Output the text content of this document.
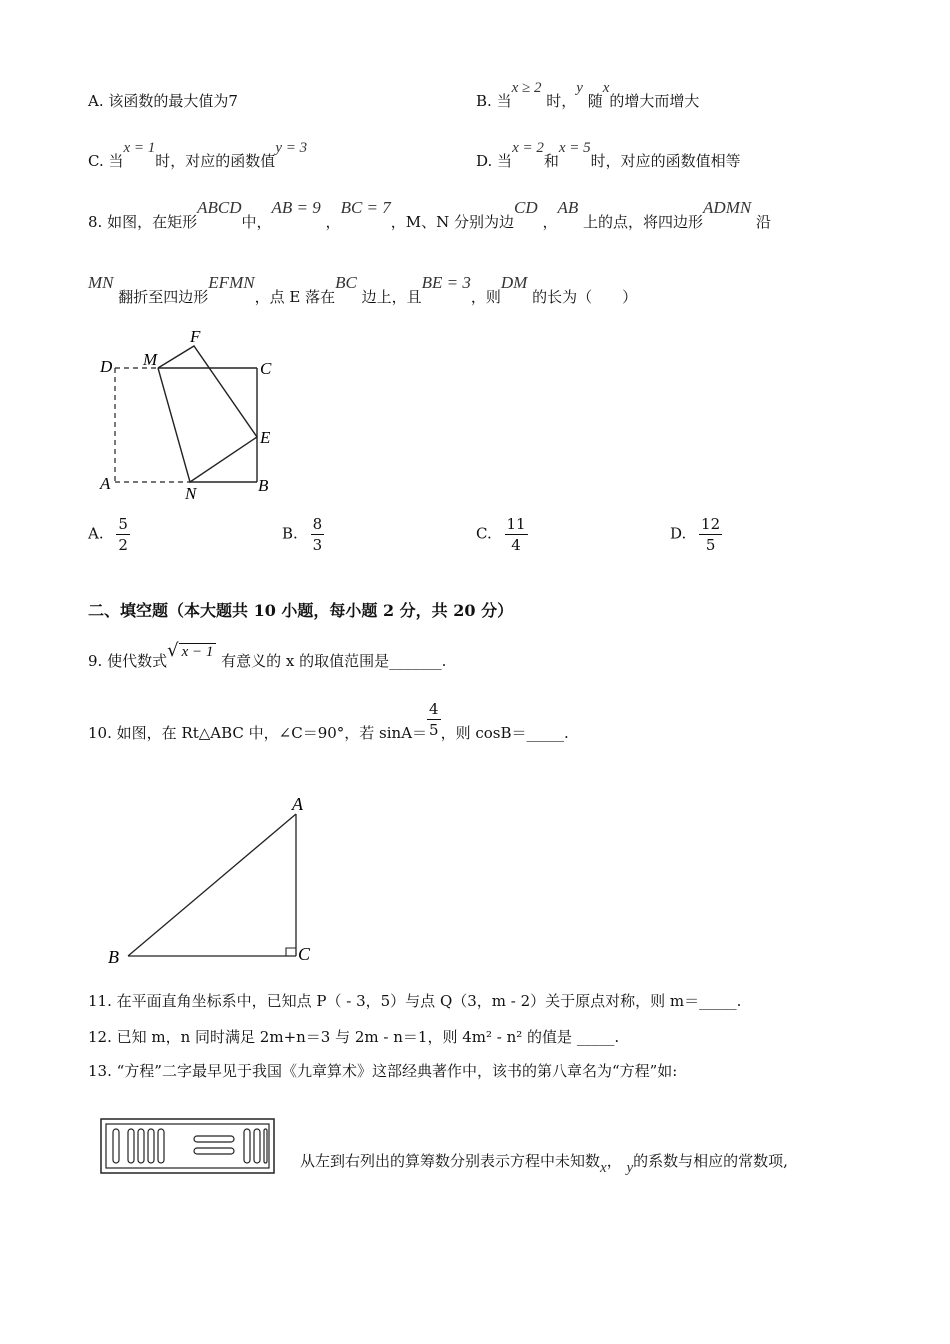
A. 该函数的最大值为7	B. 当x ≥ 2 时，y 随x的增大而增大
C. 当x = 1时，对应的函数值y = 3
D. 当x = 2和x = 5时，对应的函数值相等
8. 如图，在矩形ABCD中，AB = 9 ，BC = 7，M、N 分别为边CD ，AB 上的点，将四边形ADMN 沿
MN 翻折至四边形EFMN，点 E 落在BC 边上，且BE = 3，则DM 的长为（　　）
D M
F
C
E
A
N	B
A. $\frac{5}{2}$	B. $\frac{8}{3}$	C. $\frac{11}{4}$	D. $\frac{12}{5}$
二、填空题（本大题共 10 小题，每小题 2 分，共 20 分）
9. 使代数式√ x − 1 有意义的 x 的取值范围是_______.
10. 如图，在 Rt△ABC 中，∠C＝90°，若 $\sin A= \frac{4}{5}$ ，则 cosB＝_____.
A
B	C
11. 在平面直角坐标系中，已知点 P（ - 3，5）与点 Q（3，m - 2）关于原点对称，则 m＝_____.
12. 已知 m，n 同时满足 2m+n＝3 与 2m - n＝1，则 4m² - n² 的值是 _____.
13. “方程”二字最早见于我国《九章算术》这部经典著作中，该书的第八章名为“方程”如:
从左到右列出的算筹数分别表示方程中未知数x， y的系数与相应的常数项,
